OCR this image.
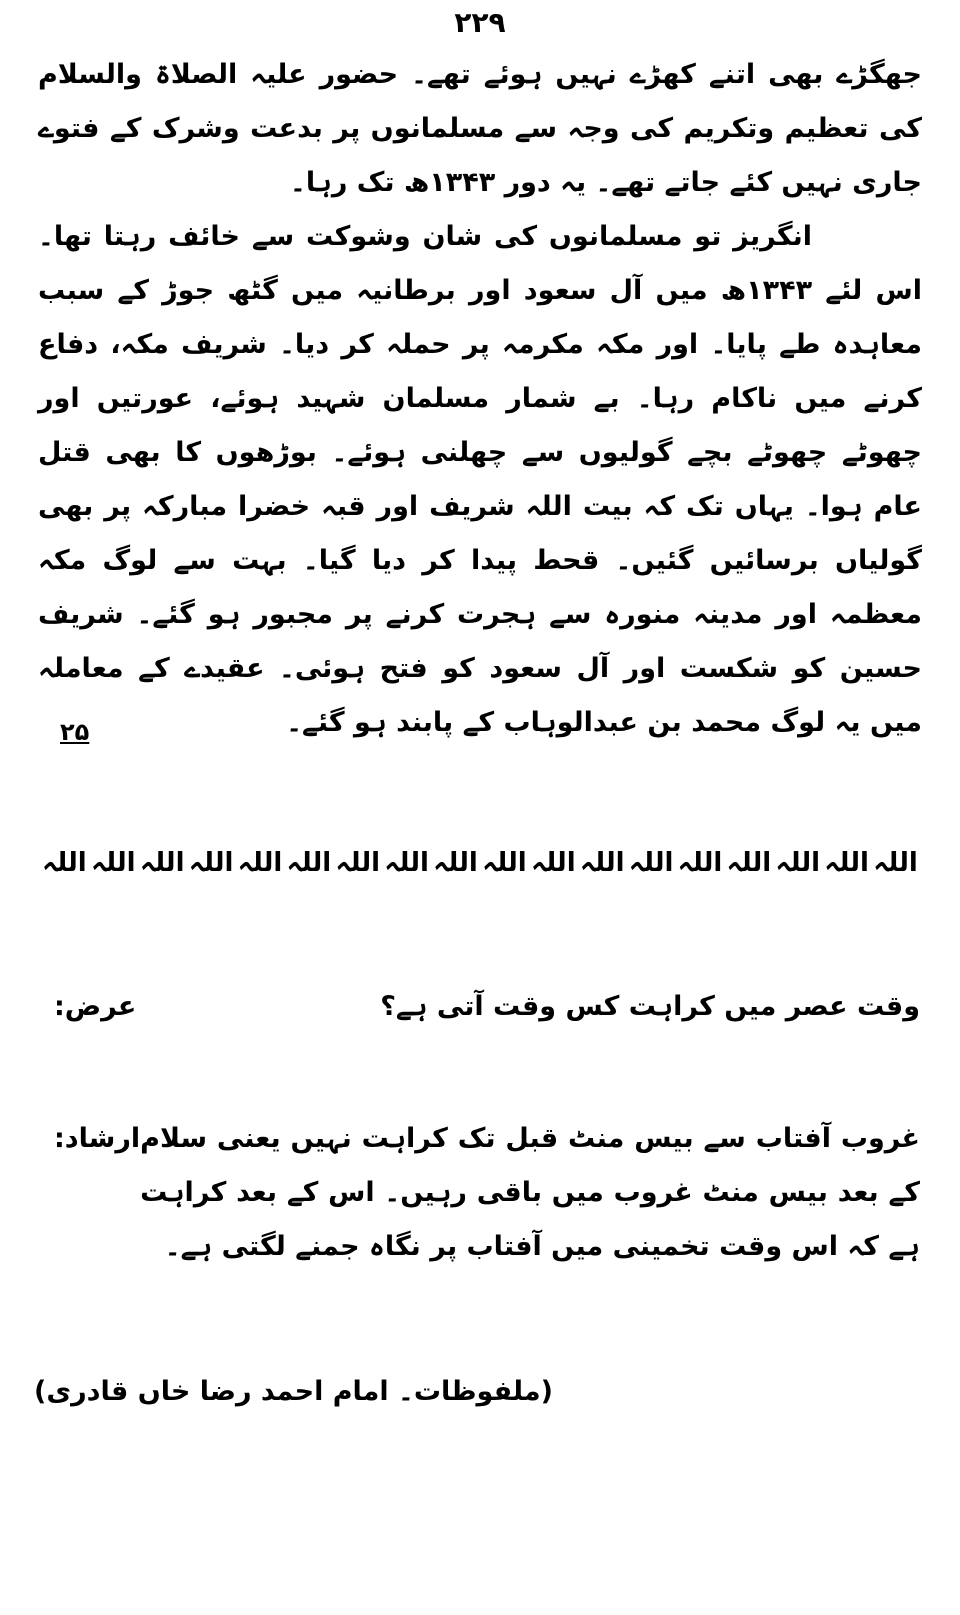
۲۲۹

جھگڑے بھی اتنے کھڑے نہیں ہوئے تھے۔ حضور علیہ الصلاۃ والسلام کی تعظیم وتکریم کی وجہ سے مسلمانوں پر بدعت وشرک کے فتوے جاری نہیں کئے جاتے تھے۔ یہ دور ۱۳۴۳ھ تک رہا۔

انگریز تو مسلمانوں کی شان وشوکت سے خائف رہتا تھا۔ اس لئے ۱۳۴۳ھ میں آل سعود اور برطانیہ میں گٹھ جوڑ کے سبب معاہدہ طے پایا۔ اور مکہ مکرمہ پر حملہ کر دیا۔ شریف مکہ، دفاع کرنے میں ناکام رہا۔ بے شمار مسلمان شہید ہوئے، عورتیں اور چھوٹے چھوٹے بچے گولیوں سے چھلنی ہوئے۔ بوڑھوں کا بھی قتل عام ہوا۔ یہاں تک کہ بیت اللہ شریف اور قبہ خضرا مبارکہ پر بھی گولیاں برسائیں گئیں۔ قحط پیدا کر دیا گیا۔ بہت سے لوگ مکہ معظمہ اور مدینہ منورہ سے ہجرت کرنے پر مجبور ہو گئے۔ شریف حسین کو شکست اور آل سعود کو فتح ہوئی۔ عقیدے کے معاملہ میں یہ لوگ محمد بن عبدالوہاب کے پابند ہو گئے۔

۲۵
اللہ اللہ اللہ اللہ اللہ اللہ اللہ اللہ اللہ اللہ اللہ اللہ اللہ اللہ اللہ اللہ اللہ اللہ
عرض:	وقت عصر میں کراہت کس وقت آتی ہے؟
ارشاد: غروب آفتاب سے بیس منٹ قبل تک کراہت نہیں یعنی سلام کے بعد بیس منٹ غروب میں باقی رہیں۔ اس کے بعد کراہت ہے کہ اس وقت تخمینی میں آفتاب پر نگاہ جمنے لگتی ہے۔
(ملفوظات۔ امام احمد رضا خاں قادری)
